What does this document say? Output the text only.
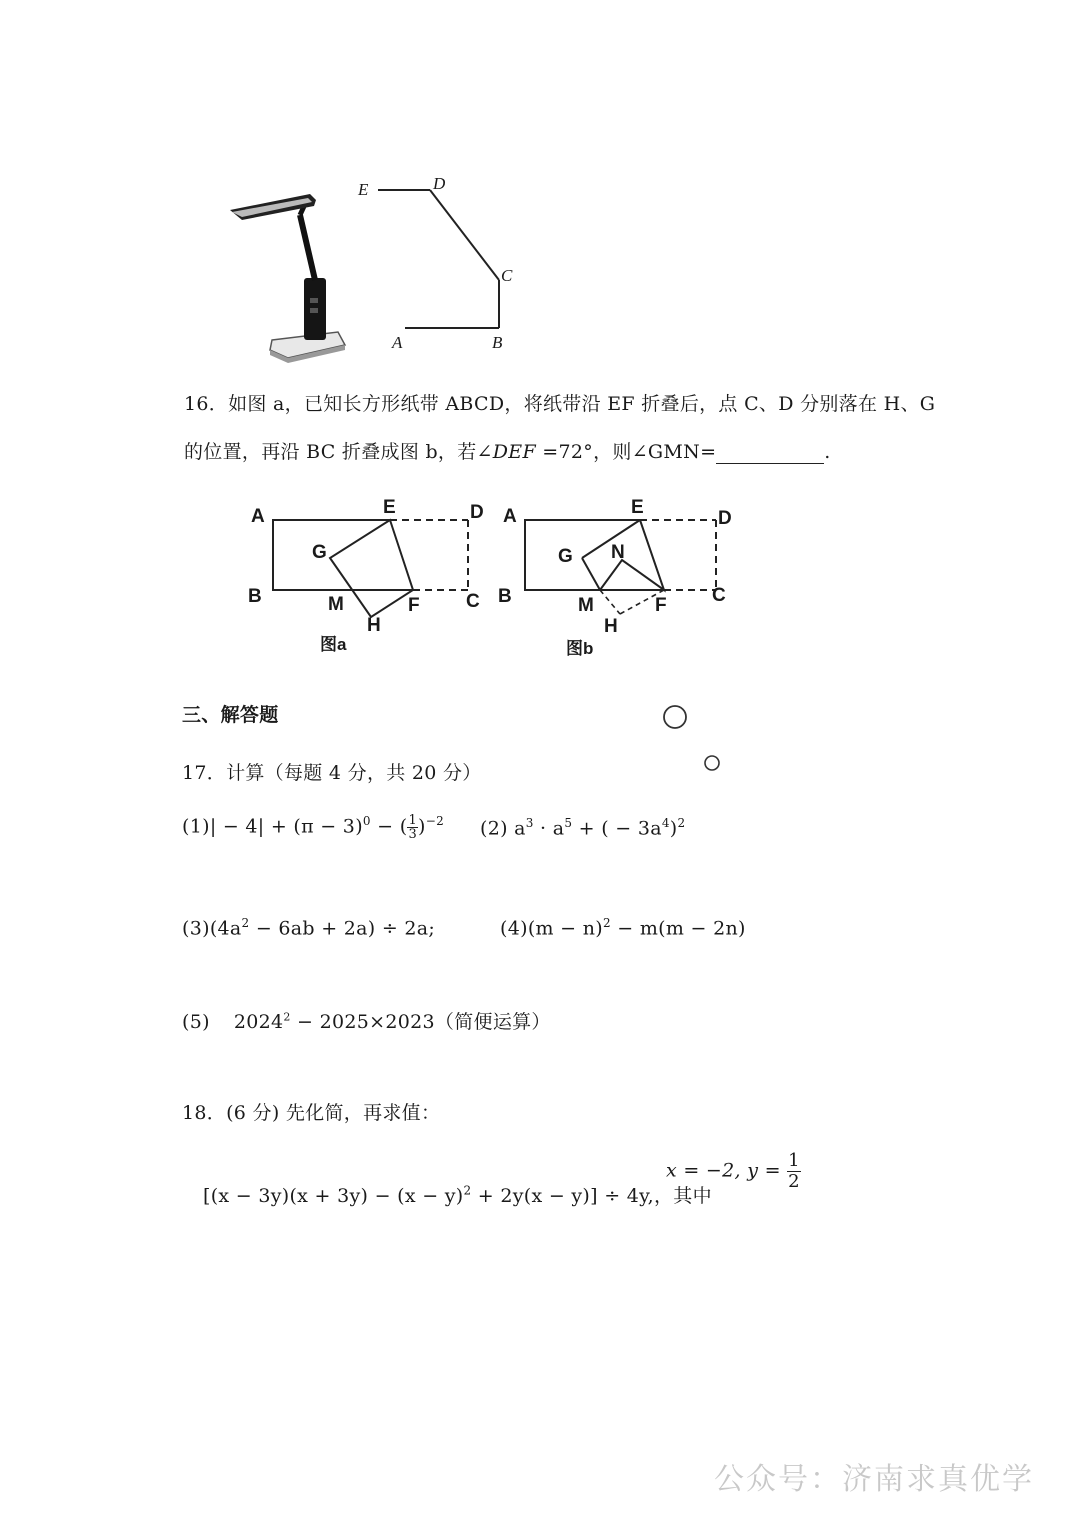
E	D
C
A	B
16．如图 a，已知长方形纸带 ABCD，将纸带沿 EF 折叠后，点 C、D 分别落在 H、G
的位置，再沿 BC 折叠成图 b，若∠DEF =72°，则∠GMN=	.
A	E	D
G
B	M	F C
H
图a
A	E
D
G N
B	M	F C
H
图b
三、解答题
17．计算（每题 4 分，共 20 分）
$(1)| - 4| + (\pi - 3)^0$ − ( $\frac{1}{3} )^{-2}$ (2) $a^3 \cdot a^5$ + ( − $3a^4)^2$
$(3)(4a^2 - 6ab + 2a) \div 2a$;	$(4)(m - n)^2 - m(m - 2n)$
(5) $2024^2 - 2025\times 2023$（简便运算）
18．(6 分) 先化简，再求值：
$[(x - 3y)(x + 3y) - (x - y)^2 + 2y(x - y)] \div 4y$,，其中
x = −2, $y = \frac{1}{2}$
公众号：济南求真优学
